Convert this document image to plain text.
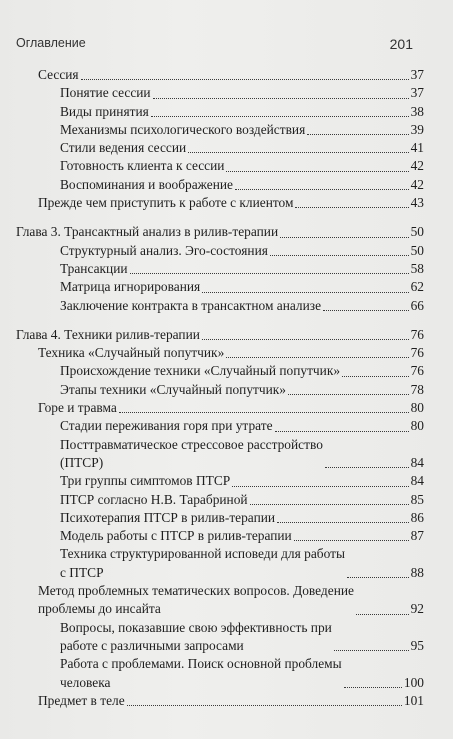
Оглавление	201
Сессия	37
Понятие сессии	37
Виды принятия	38
Механизмы психологического воздействия	39
Стили ведения сессии	41
Готовность клиента к сессии	42
Воспоминания и воображение	42
Прежде чем приступить к работе с клиентом	43
Глава 3. Трансактный анализ в рилив-терапии	50
Структурный анализ. Эго-состояния	50
Трансакции	58
Матрица игнорирования	62
Заключение контракта в трансактном анализе	66
Глава 4. Техники рилив-терапии	76
Техника «Случайный попутчик»	76
Происхождение техники «Случайный попутчик»	76
Этапы техники «Случайный попутчик»	78
Горе и травма	80
Стадии переживания горя при утрате	80
Посттравматическое стрессовое расстройство
(ПТСР)	84
Три группы симптомов ПТСР	84
ПТСР согласно Н.В. Тарабриной	85
Психотерапия ПТСР в рилив-терапии	86
Модель работы с ПТСР в рилив-терапии	87
Техника структурированной исповеди для работы
с ПТСР	88
Метод проблемных тематических вопросов. Доведение
проблемы до инсайта	92
Вопросы, показавшие свою эффективность при
работе с различными запросами	95
Работа с проблемами. Поиск основной проблемы
человека	100
Предмет в теле	101
